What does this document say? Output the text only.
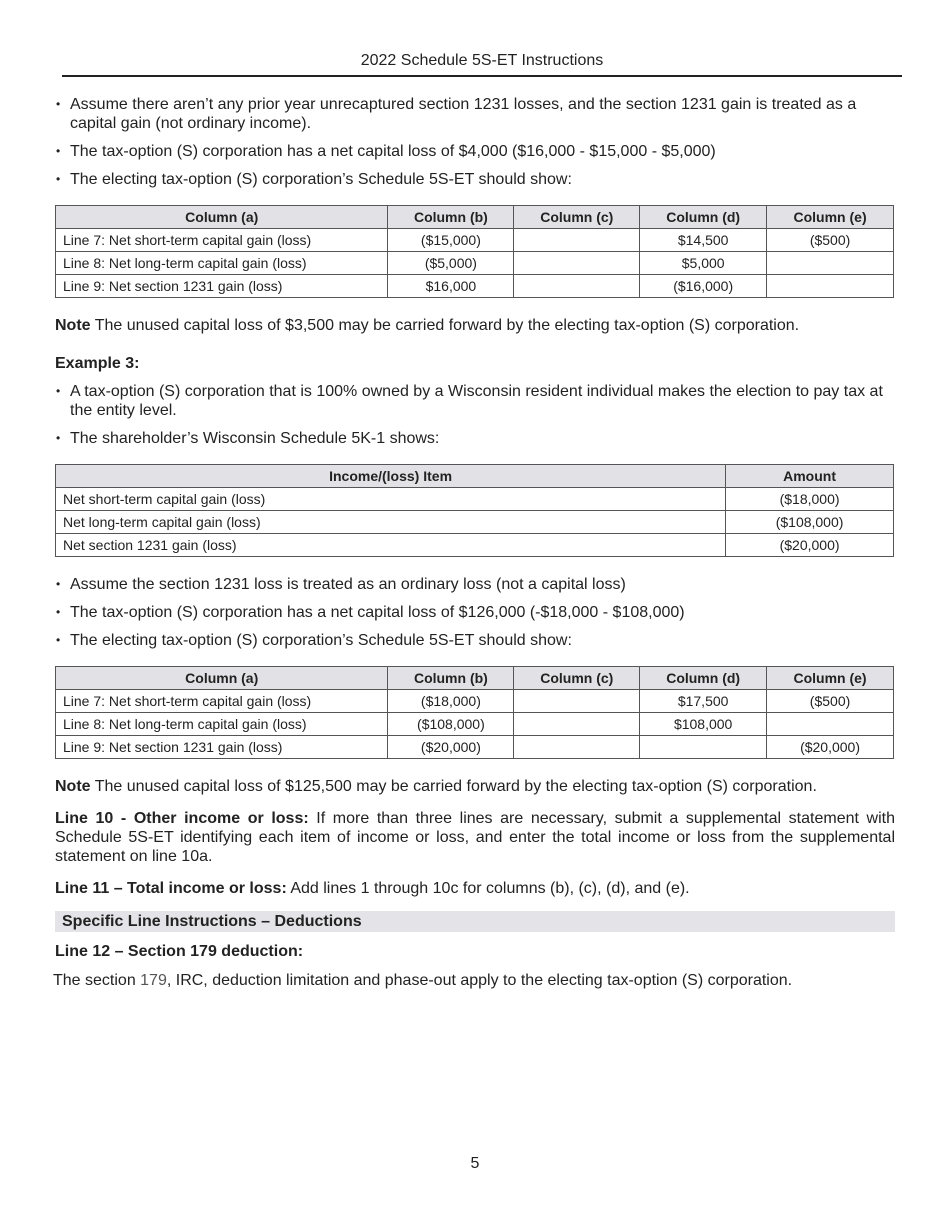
2022 Schedule 5S-ET Instructions
• Assume there aren’t any prior year unrecaptured section 1231 losses, and the section 1231 gain is treated as a capital gain (not ordinary income).
• The tax-option (S) corporation has a net capital loss of $4,000 ($16,000 - $15,000 - $5,000)
• The electing tax-option (S) corporation’s Schedule 5S-ET should show:
Column (a)	Column (b)	Column (c)	Column (d)	Column (e)
Line 7: Net short-term capital gain (loss)	($15,000)		$14,500	($500)
Line 8: Net long-term capital gain (loss)	($5,000)		$5,000	
Line 9: Net section 1231 gain (loss)	$16,000		($16,000)	
Note The unused capital loss of $3,500 may be carried forward by the electing tax-option (S) corporation.
Example 3:
• A tax-option (S) corporation that is 100% owned by a Wisconsin resident individual makes the election to pay tax at the entity level.
• The shareholder’s Wisconsin Schedule 5K-1 shows:
Income/(loss) Item	Amount
Net short-term capital gain (loss)	($18,000)
Net long-term capital gain (loss)	($108,000)
Net section 1231 gain (loss)	($20,000)
• Assume the section 1231 loss is treated as an ordinary loss (not a capital loss)
• The tax-option (S) corporation has a net capital loss of $126,000 (-$18,000 - $108,000)
• The electing tax-option (S) corporation’s Schedule 5S-ET should show:
Column (a)	Column (b)	Column (c)	Column (d)	Column (e)
Line 7: Net short-term capital gain (loss)	($18,000)		$17,500	($500)
Line 8: Net long-term capital gain (loss)	($108,000)		$108,000	
Line 9: Net section 1231 gain (loss)	($20,000)			($20,000)
Note The unused capital loss of $125,500 may be carried forward by the electing tax-option (S) corporation.
Line 10 - Other income or loss: If more than three lines are necessary, submit a supplemental statement with Schedule 5S-ET identifying each item of income or loss, and enter the total income or loss from the supplemental statement on line 10a.
Line 11 – Total income or loss: Add lines 1 through 10c for columns (b), (c), (d), and (e).
Specific Line Instructions – Deductions
Line 12 – Section 179 deduction:
The section 179, IRC, deduction limitation and phase-out apply to the electing tax-option (S) corporation.
5
